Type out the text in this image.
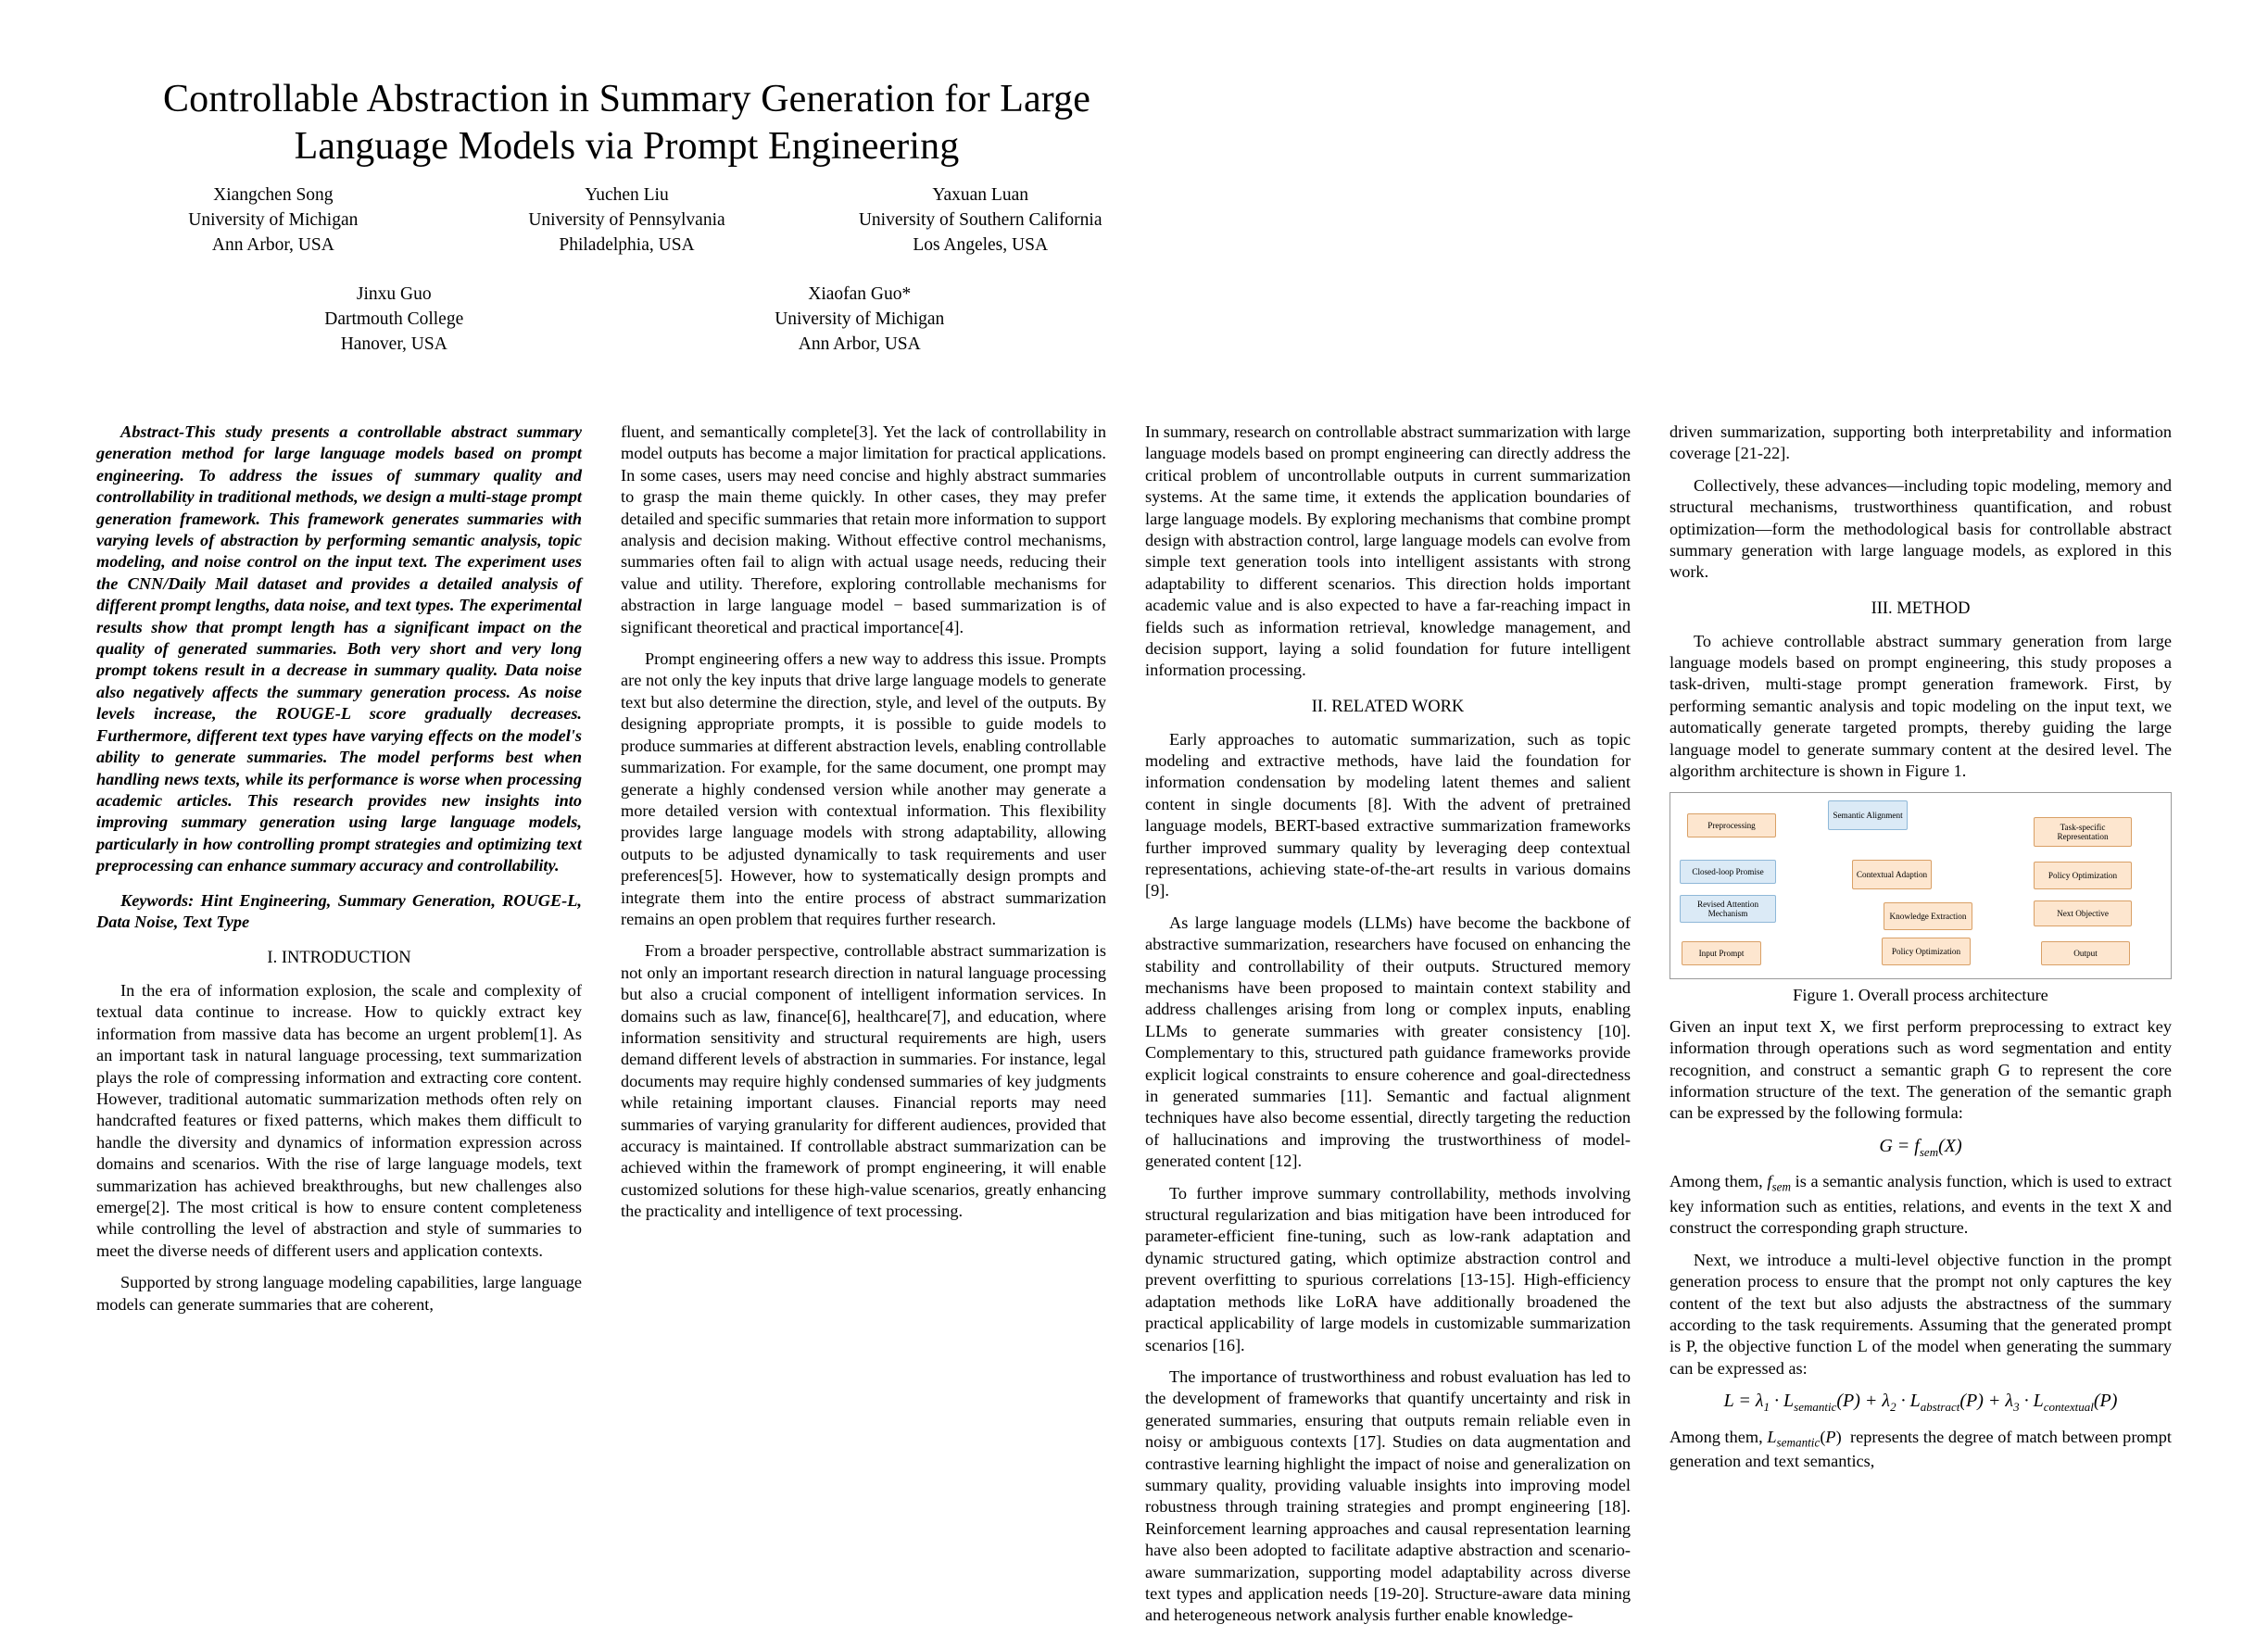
Controllable Abstraction in Summary Generation for Large Language Models via Prompt Engineering
Xiangchen Song
University of Michigan
Ann Arbor, USA
Yuchen Liu
University of Pennsylvania
Philadelphia, USA
Yaxuan Luan
University of Southern California
Los Angeles, USA
Jinxu Guo
Dartmouth College
Hanover, USA
Xiaofan Guo*
University of Michigan
Ann Arbor, USA

Abstract-This study presents a controllable abstract summary generation method for large language models based on prompt engineering. To address the issues of summary quality and controllability in traditional methods, we design a multi-stage prompt generation framework. This framework generates summaries with varying levels of abstraction by performing semantic analysis, topic modeling, and noise control on the input text. The experiment uses the CNN/Daily Mail dataset and provides a detailed analysis of different prompt lengths, data noise, and text types. The experimental results show that prompt length has a significant impact on the quality of generated summaries. Both very short and very long prompt tokens result in a decrease in summary quality. Data noise also negatively affects the summary generation process. As noise levels increase, the ROUGE-L score gradually decreases. Furthermore, different text types have varying effects on the model's ability to generate summaries. The model performs best when handling news texts, while its performance is worse when processing academic articles. This research provides new insights into improving summary generation using large language models, particularly in how controlling prompt strategies and optimizing text preprocessing can enhance summary accuracy and controllability.

Keywords: Hint Engineering, Summary Generation, ROUGE-L, Data Noise, Text Type

I. INTRODUCTION

In the era of information explosion, the scale and complexity of textual data continue to increase. How to quickly extract key information from massive data has become an urgent problem[1]. As an important task in natural language processing, text summarization plays the role of compressing information and extracting core content. However, traditional automatic summarization methods often rely on handcrafted features or fixed patterns, which makes them difficult to handle the diversity and dynamics of information expression across domains and scenarios. With the rise of large language models, text summarization has achieved breakthroughs, but new challenges also emerge[2]. The most critical is how to ensure content completeness while controlling the level of abstraction and style of summaries to meet the diverse needs of different users and application contexts.

Supported by strong language modeling capabilities, large language models can generate summaries that are coherent,

fluent, and semantically complete[3]. Yet the lack of controllability in model outputs has become a major limitation for practical applications. In some cases, users may need concise and highly abstract summaries to grasp the main theme quickly. In other cases, they may prefer detailed and specific summaries that retain more information to support analysis and decision making. Without effective control mechanisms, summaries often fail to align with actual usage needs, reducing their value and utility. Therefore, exploring controllable mechanisms for abstraction in large language model − based summarization is of significant theoretical and practical importance[4].

Prompt engineering offers a new way to address this issue. Prompts are not only the key inputs that drive large language models to generate text but also determine the direction, style, and level of the outputs. By designing appropriate prompts, it is possible to guide models to produce summaries at different abstraction levels, enabling controllable summarization. For example, for the same document, one prompt may generate a highly condensed version while another may generate a more detailed version with contextual information. This flexibility provides large language models with strong adaptability, allowing outputs to be adjusted dynamically to task requirements and user preferences[5]. However, how to systematically design prompts and integrate them into the entire process of abstract summarization remains an open problem that requires further research.

From a broader perspective, controllable abstract summarization is not only an important research direction in natural language processing but also a crucial component of intelligent information services. In domains such as law, finance[6], healthcare[7], and education, where information sensitivity and structural requirements are high, users demand different levels of abstraction in summaries. For instance, legal documents may require highly condensed summaries of key judgments while retaining important clauses. Financial reports may need summaries of varying granularity for different audiences, provided that accuracy is maintained. If controllable abstract summarization can be achieved within the framework of prompt engineering, it will enable customized solutions for these high-value scenarios, greatly enhancing the practicality and intelligence of text processing.

In summary, research on controllable abstract summarization with large language models based on prompt engineering can directly address the critical problem of uncontrollable outputs in current summarization systems. At the same time, it extends the application boundaries of large language models. By exploring mechanisms that combine prompt design with abstraction control, large language models can evolve from simple text generation tools into intelligent assistants with strong adaptability to different scenarios. This direction holds important academic value and is also expected to have a far-reaching impact in fields such as information retrieval, knowledge management, and decision support, laying a solid foundation for future intelligent information processing.

II. RELATED WORK

Early approaches to automatic summarization, such as topic modeling and extractive methods, have laid the foundation for information condensation by modeling latent themes and salient content in single documents [8]. With the advent of pretrained language models, BERT-based extractive summarization frameworks further improved summary quality by leveraging deep contextual representations, achieving state-of-the-art results in various domains [9].

As large language models (LLMs) have become the backbone of abstractive summarization, researchers have focused on enhancing the stability and controllability of their outputs. Structured memory mechanisms have been proposed to maintain context stability and address challenges arising from long or complex inputs, enabling LLMs to generate summaries with greater consistency [10]. Complementary to this, structured path guidance frameworks provide explicit logical constraints to ensure coherence and goal-directedness in generated summaries [11]. Semantic and factual alignment techniques have also become essential, directly targeting the reduction of hallucinations and improving the trustworthiness of model-generated content [12].

To further improve summary controllability, methods involving structural regularization and bias mitigation have been introduced for parameter-efficient fine-tuning, such as low-rank adaptation and dynamic structured gating, which optimize abstraction control and prevent overfitting to spurious correlations [13-15]. High-efficiency adaptation methods like LoRA have additionally broadened the practical applicability of large models in customizable summarization scenarios [16].

The importance of trustworthiness and robust evaluation has led to the development of frameworks that quantify uncertainty and risk in generated summaries, ensuring that outputs remain reliable even in noisy or ambiguous contexts [17]. Studies on data augmentation and contrastive learning highlight the impact of noise and generalization on summary quality, providing valuable insights into improving model robustness through training strategies and prompt engineering [18]. Reinforcement learning approaches and causal representation learning have also been adopted to facilitate adaptive abstraction and scenario-aware summarization, supporting model adaptability across diverse text types and application needs [19-20]. Structure-aware data mining and heterogeneous network analysis further enable knowledge-

driven summarization, supporting both interpretability and information coverage [21-22].

Collectively, these advances—including topic modeling, memory and structural mechanisms, trustworthiness quantification, and robust optimization—form the methodological basis for controllable abstract summary generation with large language models, as explored in this work.

III. METHOD

To achieve controllable abstract summary generation from large language models based on prompt engineering, this study proposes a task-driven, multi-stage prompt generation framework. First, by performing semantic analysis and topic modeling on the input text, we automatically generate targeted prompts, thereby guiding the large language model to generate summary content at the desired level. The algorithm architecture is shown in Figure 1.

Preprocessing
Semantic Alignment
Task-specific Representation
Closed-loop Promise	Contextual Adaption	Policy Optimization
Revised Attention Mechanism	Knowledge Extraction	Next Objective
Input Prompt	Policy Optimization	Output
Figure 1. Overall process architecture

Given an input text X, we first perform preprocessing to extract key information through operations such as word segmentation and entity recognition, and construct a semantic graph G to represent the core information structure of the text. The generation of the semantic graph can be expressed by the following formula:

$G = f_{sem}(X)$

Among them, $f_{sem}$ is a semantic analysis function, which is used to extract key information such as entities, relations, and events in the text X and construct the corresponding graph structure.

Next, we introduce a multi-level objective function in the prompt generation process to ensure that the prompt not only captures the key content of the text but also adjusts the abstractness of the summary according to the task requirements. Assuming that the generated prompt is P, the objective function L of the model when generating the summary can be expressed as:

$L = \lambda_1 \cdot L_{semantic}(P) + \lambda_2 \cdot L_{abstract}(P) + \lambda_3 \cdot L_{contextual}(P)$

Among them, $L_{semantic}(P)$  represents the degree of match between prompt generation and text semantics,
